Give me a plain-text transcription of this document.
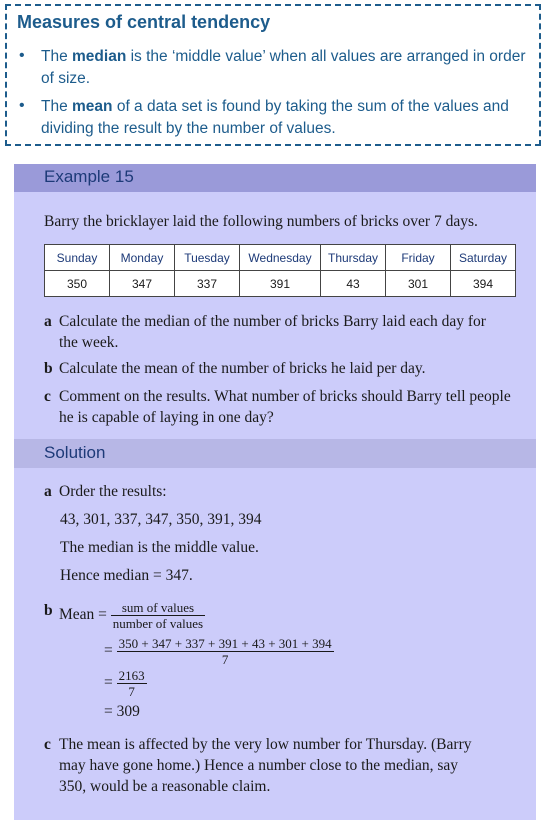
Measures of central tendency
• The median is the ‘middle value’ when all values are arranged in order of size.
• The mean of a data set is found by taking the sum of the values and dividing the result by the number of values.
Example 15
Barry the bricklayer laid the following numbers of bricks over 7 days.
Sunday	Monday	Tuesday	Wednesday	Thursday	Friday	Saturday
350	347	337	391	43	301	394
a Calculate the median of the number of bricks Barry laid each day for the week.
b Calculate the mean of the number of bricks he laid per day.
c Comment on the results. What number of bricks should Barry tell people he is capable of laying in one day?
Solution
a Order the results:
43, 301, 337, 347, 350, 391, 394
The median is the middle value.
Hence median = 347.
b Mean = $\frac{\text{sum of values}}{\text{number of values}}$
= $\frac{350 + 347 + 337 + 391 + 43 + 301 + 394}{7}$
= $\frac{2163}{7}$
= 309
c The mean is affected by the very low number for Thursday. (Barry may have gone home.) Hence a number close to the median, say 350, would be a reasonable claim.
